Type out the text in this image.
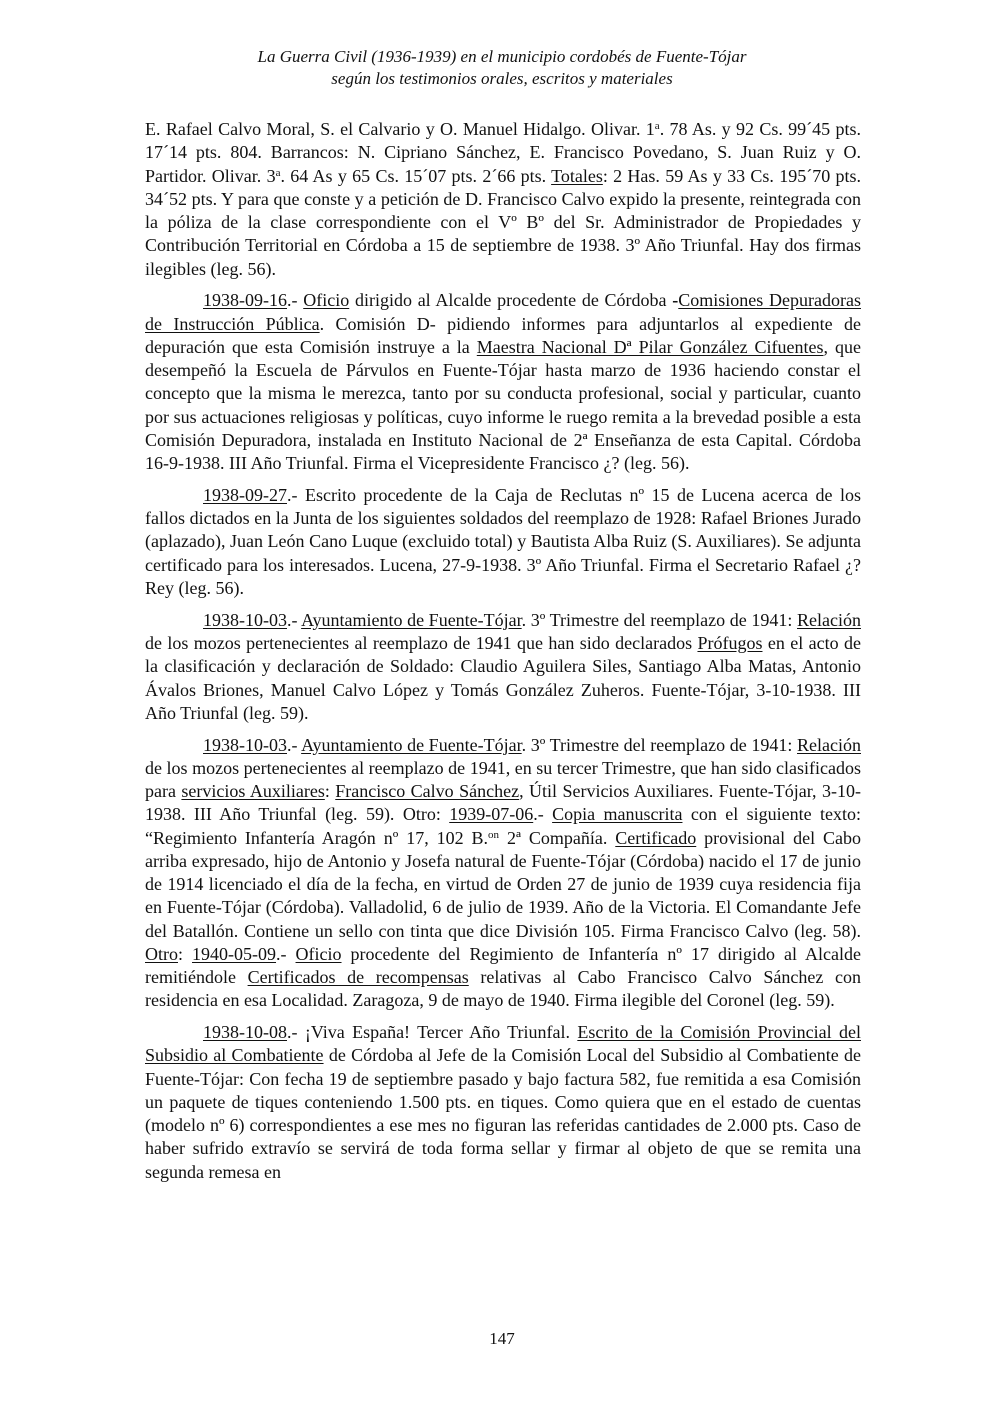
La Guerra Civil (1936-1939) en el municipio cordobés de Fuente-Tójar
según los testimonios orales, escritos y materiales

E. Rafael Calvo Moral, S. el Calvario y O. Manuel Hidalgo. Olivar. 1$^a$. 78 As. y 92 Cs. 99´45 pts. 17´14 pts. 804. Barrancos: N. Cipriano Sánchez, E. Francisco Povedano, S. Juan Ruiz y O. Partidor. Olivar. 3$^a$. 64 As y 65 Cs. 15´07 pts. 2´66 pts. Totales: 2 Has. 59 As y 33 Cs. 195´70 pts. 34´52 pts. Y para que conste y a petición de D. Francisco Calvo expido la presente, reintegrada con la póliza de la clase correspondiente con el Vº Bº del Sr. Administrador de Propiedades y Contribución Territorial en Córdoba a 15 de septiembre de 1938. 3º Año Triunfal. Hay dos firmas ilegibles (leg. 56).

1938-09-16.- Oficio dirigido al Alcalde procedente de Córdoba -Comisiones Depuradoras de Instrucción Pública. Comisión D- pidiendo informes para adjuntarlos al expediente de depuración que esta Comisión instruye a la Maestra Nacional Dª Pilar González Cifuentes, que desempeñó la Escuela de Párvulos en Fuente-Tójar hasta marzo de 1936 haciendo constar el concepto que la misma le merezca, tanto por su conducta profesional, social y particular, cuanto por sus actuaciones religiosas y políticas, cuyo informe le ruego remita a la brevedad posible a esta Comisión Depuradora, instalada en Instituto Nacional de 2ª Enseñanza de esta Capital. Córdoba 16-9-1938. III Año Triunfal. Firma el Vicepresidente Francisco ¿? (leg. 56).

1938-09-27.- Escrito procedente de la Caja de Reclutas nº 15 de Lucena acerca de los fallos dictados en la Junta de los siguientes soldados del reemplazo de 1928: Rafael Briones Jurado (aplazado), Juan León Cano Luque (excluido total) y Bautista Alba Ruiz (S. Auxiliares). Se adjunta certificado para los interesados. Lucena, 27-9-1938. 3º Año Triunfal. Firma el Secretario Rafael ¿? Rey (leg. 56).

1938-10-03.- Ayuntamiento de Fuente-Tójar. 3º Trimestre del reemplazo de 1941: Relación de los mozos pertenecientes al reemplazo de 1941 que han sido declarados Prófugos en el acto de la clasificación y declaración de Soldado: Claudio Aguilera Siles, Santiago Alba Matas, Antonio Ávalos Briones, Manuel Calvo López y Tomás González Zuheros. Fuente-Tójar, 3-10-1938. III Año Triunfal (leg. 59).

1938-10-03.- Ayuntamiento de Fuente-Tójar. 3º Trimestre del reemplazo de 1941: Relación de los mozos pertenecientes al reemplazo de 1941, en su tercer Trimestre, que han sido clasificados para servicios Auxiliares: Francisco Calvo Sánchez, Útil Servicios Auxiliares. Fuente-Tójar, 3-10-1938. III Año Triunfal (leg. 59). Otro: 1939-07-06.- Copia manuscrita con el siguiente texto: “Regimiento Infantería Aragón nº 17, 102 B.$^{on}$ 2ª Compañía. Certificado provisional del Cabo arriba expresado, hijo de Antonio y Josefa natural de Fuente-Tójar (Córdoba) nacido el 17 de junio de 1914 licenciado el día de la fecha, en virtud de Orden 27 de junio de 1939 cuya residencia fija en Fuente-Tójar (Córdoba). Valladolid, 6 de julio de 1939. Año de la Victoria. El Comandante Jefe del Batallón. Contiene un sello con tinta que dice División 105. Firma Francisco Calvo (leg. 58). Otro: 1940-05-09.- Oficio procedente del Regimiento de Infantería nº 17 dirigido al Alcalde remitiéndole Certificados de recompensas relativas al Cabo Francisco Calvo Sánchez con residencia en esa Localidad. Zaragoza, 9 de mayo de 1940. Firma ilegible del Coronel (leg. 59).

1938-10-08.- ¡Viva España! Tercer Año Triunfal. Escrito de la Comisión Provincial del Subsidio al Combatiente de Córdoba al Jefe de la Comisión Local del Subsidio al Combatiente de Fuente-Tójar: Con fecha 19 de septiembre pasado y bajo factura 582, fue remitida a esa Comisión un paquete de tiques conteniendo 1.500 pts. en tiques. Como quiera que en el estado de cuentas (modelo nº 6) correspondientes a ese mes no figuran las referidas cantidades de 2.000 pts. Caso de haber sufrido extravío se servirá de toda forma sellar y firmar al objeto de que se remita una segunda remesa en

147
